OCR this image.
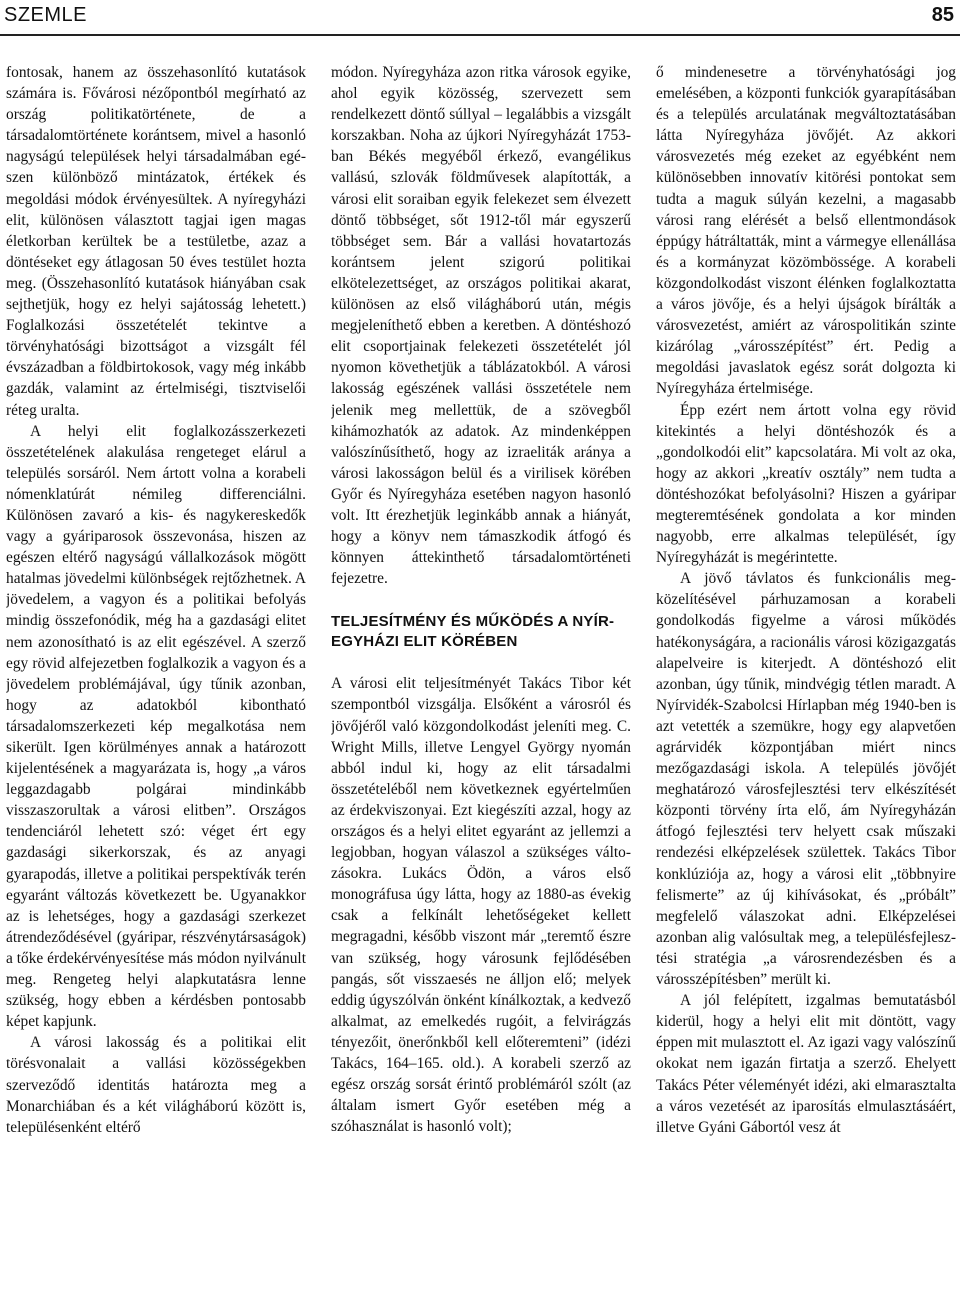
SZEMLE	85

fontosak, hanem az összehasonlító kutatások számára is. Fővárosi nézőpontból megírható az ország politikatörténete, de a társadalomtörténete korántsem, mivel a hasonló nagyságú települések helyi társadalmában egészen különböző mintázatok, értékek és megoldási módok érvényesültek. A nyíregyházi elit, különösen választott tagjai igen magas életkorban kerültek be a testületbe, azaz a döntéseket egy átlagosan 50 éves testület hozta meg. (Összehasonlító kutatások hiányában csak sejthetjük, hogy ez helyi sajátosság lehetett.) Foglalkozási összetételét tekintve a törvényhatósági bizottságot a vizsgált fél évszázadban a földbirtokosok, vagy még inkább gazdák, valamint az értelmiségi, tisztviselői réteg uralta.

A helyi elit foglalkozásszerkezeti összetételének alakulása rengeteget elárul a település sorsáról. Nem ártott volna a korabeli nómenklatúrát némileg differenciálni. Különösen zavaró a kis- és nagykereskedők vagy a gyáriparosok összevonása, hiszen az egészen eltérő nagyságú vállalkozások mögött hatalmas jövedelmi különbségek rejtőzhetnek. A jövedelem, a vagyon és a politikai befolyás mindig összefonódik, még ha a gazdasági elitet nem azonosítható is az elit egészével. A szerző egy rövid alfejezetben foglalkozik a vagyon és a jövedelem problémájával, úgy tűnik azonban, hogy az adatokból kibontható társadalomszerkezeti kép megalkotása nem sikerült. Igen körülményes annak a határozott kijelentésének a magyarázata is, hogy „a város leggazdagabb polgárai mindinkább visszaszorultak a városi elitben”. Országos tendenciáról lehetett szó: véget ért egy gazdasági sikerkorszak, és az anyagi gyarapodás, illetve a politikai perspektívák terén egyaránt változás következett be. Ugyanakkor az is lehetséges, hogy a gazdasági szerkezet átrendeződésével (gyáripar, részvénytársaságok) a tőke érdekérvényesítése más módon nyilvánult meg. Rengeteg helyi alapkutatásra lenne szükség, hogy ebben a kérdésben pontosabb képet kapjunk.

A városi lakosság és a politikai elit törésvonalait a vallási közösségekben szerveződő identitás határozta meg a Monarchiában és a két világháború között is, településenként eltérő

módon. Nyíregyháza azon ritka városok egyike, ahol egyik közösség, szervezett sem rendelkezett döntő súllyal – legalábbis a vizsgált korszakban. Noha az újkori Nyíregyházát 1753-ban Békés megyéből érkező, evangélikus vallású, szlovák földművesek alapították, a városi elit soraiban egyik felekezet sem élvezett döntő többséget, sőt 1912-től már egyszerű többséget sem. Bár a vallási hovatartozás korántsem jelent szigorú politikai elkötelezettséget, az országos politikai akarat, különösen az első világháború után, mégis megjeleníthető ebben a keretben. A döntéshozó elit csoportjainak felekezeti összetételét jól nyomon követhetjük a táblázatokból. A városi lakosság egészének vallási összetétele nem jelenik meg mellettük, de a szövegből kihámozhatók az adatok. Az mindenképpen valószínűsíthető, hogy az izraeliták aránya a városi lakosságon belül és a virilisek körében Győr és Nyíregyháza esetében nagyon hasonló volt. Itt érezhetjük leginkább annak a hiányát, hogy a könyv nem támaszkodik átfogó és könnyen áttekinthető társadalomtörténeti fejezetre.

TELJESÍTMÉNY ÉS MŰKÖDÉS A NYÍREGYHÁZI ELIT KÖRÉBEN

A városi elit teljesítményét Takács Tibor két szempontból vizsgálja. Elsőként a városról és jövőjéről való közgondolkodást jeleníti meg. C. Wright Mills, illetve Lengyel György nyomán abból indul ki, hogy az elit társadalmi összetételéből nem következnek egyértelműen az érdekviszonyai. Ezt kiegészíti azzal, hogy az országos és a helyi elitet egyaránt az jellemzi a legjobban, hogyan válaszol a szükséges változásokra. Lukács Ödön, a város első monográfusa úgy látta, hogy az 1880-as évekig csak a felkínált lehetőségeket kellett megragadni, később viszont már „teremtő észre van szükség, hogy városunk fejlődésében pangás, sőt visszaesés ne álljon elő; melyek eddig úgyszólván önként kínálkoztak, a kedvező alkalmat, az emelkedés rugóit, a felvirágzás tényezőit, önerőnkből kell előteremteni” (idézi Takács, 164–165. old.). A korabeli szerző az egész ország sorsát érintő problémáról szólt (az általam ismert Győr esetében még a szóhasználat is hasonló volt);

ő mindenesetre a törvényhatósági jog emelésében, a központi funkciók gyarapításában és a település arculatának megváltoztatásában látta Nyíregyháza jövőjét. Az akkori városvezetés még ezeket az egyébként nem különösebben innovatív kitörési pontokat sem tudta a maguk súlyán kezelni, a magasabb városi rang elérését a belső ellentmondások éppúgy hátráltatták, mint a vármegye ellenállása és a kormányzat közömbössége. A korabeli közgondolkodást viszont élénken foglalkoztatta a város jövője, és a helyi újságok bírálták a városvezetést, amiért az várospolitikán szinte kizárólag „városszépítést” ért. Pedig a megoldási javaslatok egész sorát dolgozta ki Nyíregyháza értelmisége.

Épp ezért nem ártott volna egy rövid kitekintés a helyi döntéshozók és a „gondolkodói elit” kapcsolatára. Mi volt az oka, hogy az akkori „kreatív osztály” nem tudta a döntéshozókat befolyásolni? Hiszen a gyáripar megteremtésének gondolata a kor minden nagyobb, erre alkalmas települését, így Nyíregyházát is megérintette.

A jövő távlatos és funkcionális megközelítésével párhuzamosan a korabeli gondolkodás figyelme a városi működés hatékonyságára, a racionális városi közigazgatás alapelveire is kiterjedt. A döntéshozó elit azonban, úgy tűnik, mindvégig tétlen maradt. A Nyírvidék-Szabolcsi Hírlapban még 1940-ben is azt vetették a szemükre, hogy egy alapvetően agrárvidék központjában miért nincs mezőgazdasági iskola. A település jövőjét meghatározó városfejlesztési terv elkészítését központi törvény írta elő, ám Nyíregyházán átfogó fejlesztési terv helyett csak műszaki rendezési elképzelések születtek. Takács Tibor konklúziója az, hogy a városi elit „többnyire felismerte” az új kihívásokat, és „próbált” megfelelő válaszokat adni. Elképzelései azonban alig valósultak meg, a településfejlesztési stratégia „a városrendezésben és a városszépítésben” merült ki.

A jól felépített, izgalmas bemutatásból kiderül, hogy a helyi elit mit döntött, vagy éppen mit mulasztott el. Az igazi vagy valószínű okokat nem igazán firtatja a szerző. Ehelyett Takács Péter véleményét idézi, aki elmarasztalta a város vezetését az iparosítás elmulasztásáért, illetve Gyáni Gábortól vesz át
